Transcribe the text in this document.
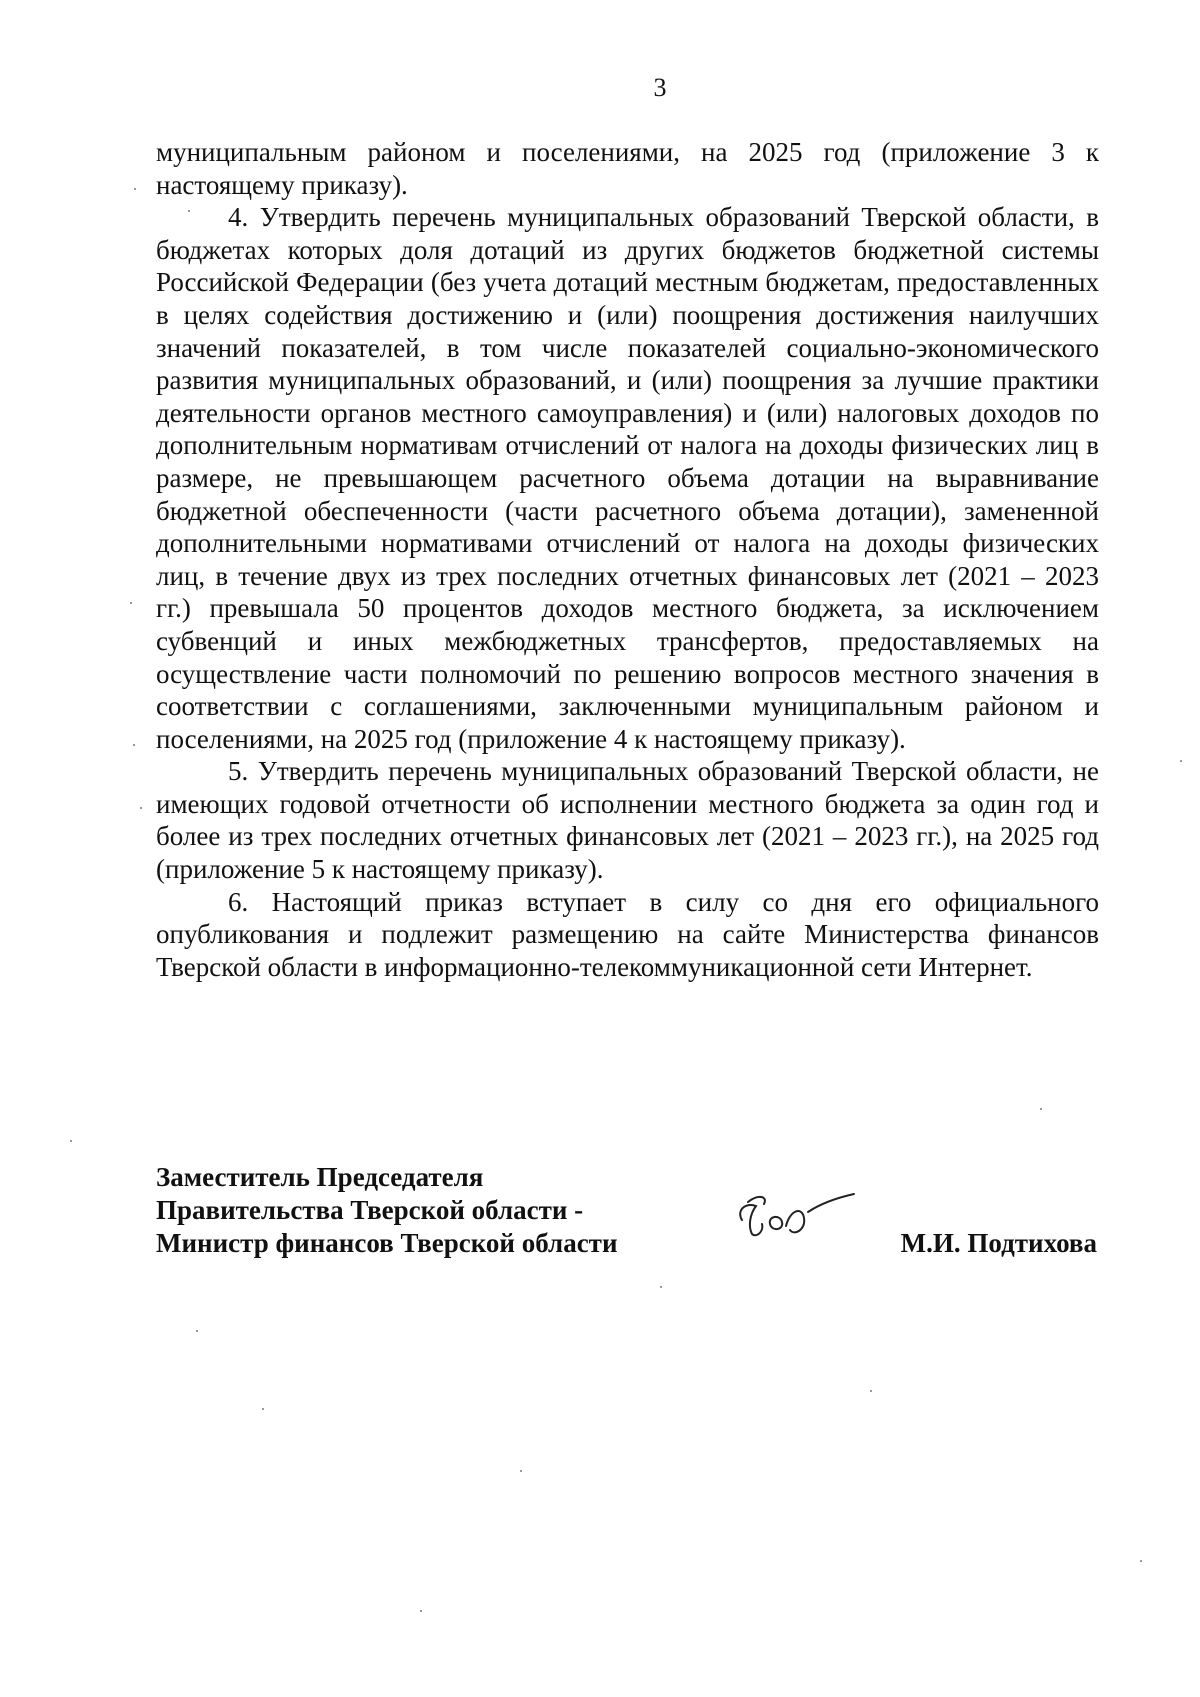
3

муниципальным районом и поселениями, на 2025 год (приложение 3 к настоящему приказу).

4. Утвердить перечень муниципальных образований Тверской области, в бюджетах которых доля дотаций из других бюджетов бюджетной системы Российской Федерации (без учета дотаций местным бюджетам, предоставленных в целях содействия достижению и (или) поощрения достижения наилучших значений показателей, в том числе показателей социально-экономического развития муниципальных образований, и (или) поощрения за лучшие практики деятельности органов местного самоуправления) и (или) налоговых доходов по дополнительным нормативам отчислений от налога на доходы физических лиц в размере, не превышающем расчетного объема дотации на выравнивание бюджетной обеспеченности (части расчетного объема дотации), замененной дополнительными нормативами отчислений от налога на доходы физических лиц, в течение двух из трех последних отчетных финансовых лет (2021 – 2023 гг.) превышала 50 процентов доходов местного бюджета, за исключением субвенций и иных межбюджетных трансфертов, предоставляемых на осуществление части полномочий по решению вопросов местного значения в соответствии с соглашениями, заключенными муниципальным районом и поселениями, на 2025 год (приложение 4 к настоящему приказу).

5. Утвердить перечень муниципальных образований Тверской области, не имеющих годовой отчетности об исполнении местного бюджета за один год и более из трех последних отчетных финансовых лет (2021 – 2023 гг.), на 2025 год (приложение 5 к настоящему приказу).

6. Настоящий приказ вступает в силу со дня его официального опубликования и подлежит размещению на сайте Министерства финансов Тверской области в информационно-телекоммуникационной сети Интернет.

Заместитель Председателя
Правительства Тверской области -
Министр финансов Тверской области	М.И. Подтихова
